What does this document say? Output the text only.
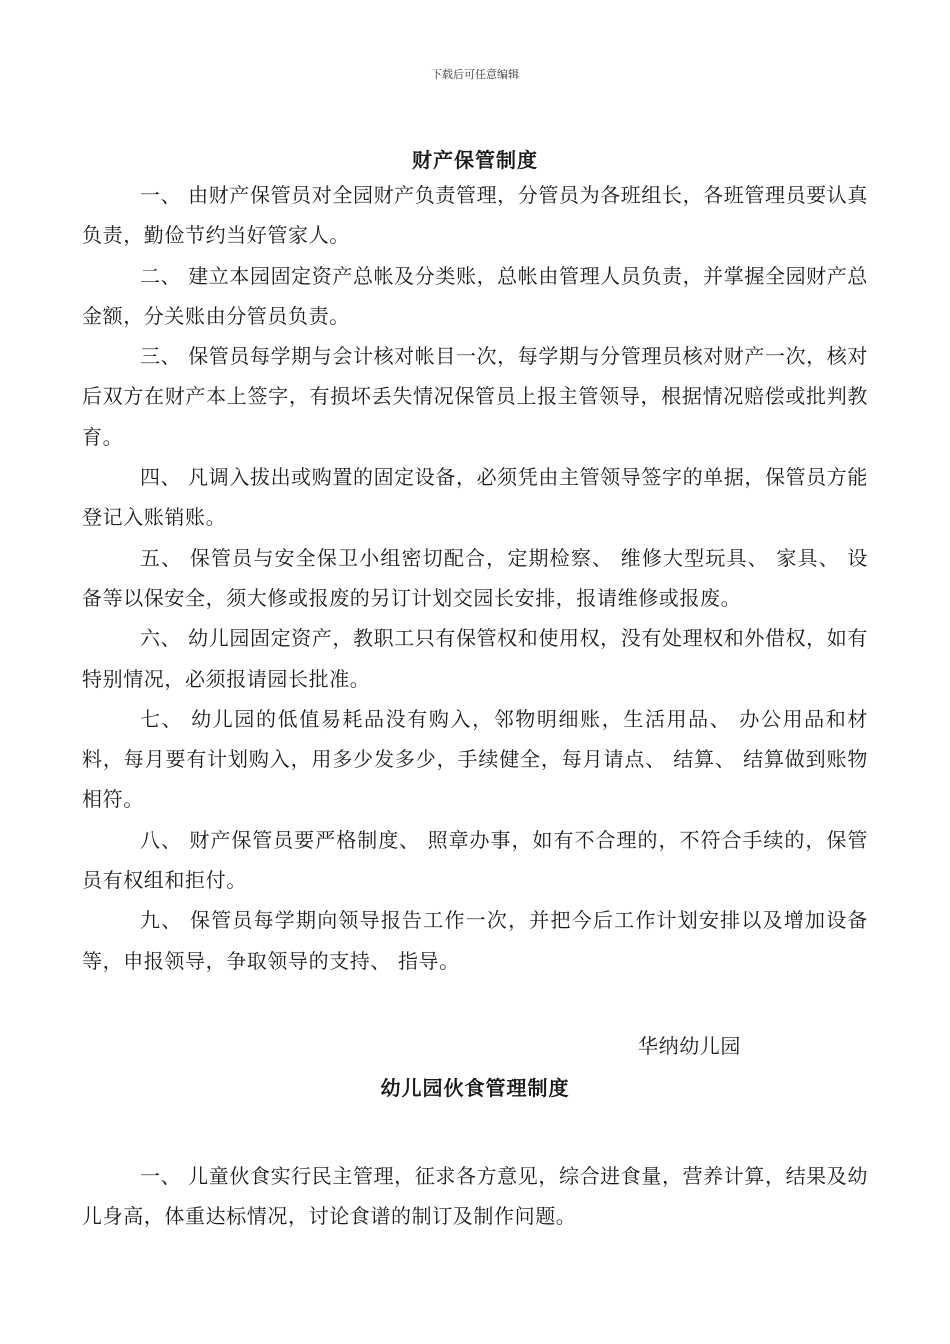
下载后可任意编辑
财产保管制度

一、 由财产保管员对全园财产负责管理，分管员为各班组长，各班管理员要认真负责，勤俭节约当好管家人。

二、 建立本园固定资产总帐及分类账，总帐由管理人员负责，并掌握全园财产总金额，分关账由分管员负责。

三、 保管员每学期与会计核对帐目一次，每学期与分管理员核对财产一次，核对后双方在财产本上签字，有损坏丢失情况保管员上报主管领导，根据情况赔偿或批判教育。

四、 凡调入拔出或购置的固定设备，必须凭由主管领导签字的单据，保管员方能登记入账销账。

五、 保管员与安全保卫小组密切配合，定期检察、 维修大型玩具、 家具、 设备等以保安全，须大修或报废的另订计划交园长安排，报请维修或报废。

六、 幼儿园固定资产，教职工只有保管权和使用权，没有处理权和外借权，如有特别情况，必须报请园长批准。

七、 幼儿园的低值易耗品没有购入，邻物明细账，生活用品、 办公用品和材料，每月要有计划购入，用多少发多少，手续健全，每月请点、 结算、 结算做到账物相符。

八、 财产保管员要严格制度、 照章办事，如有不合理的，不符合手续的，保管员有权组和拒付。

九、 保管员每学期向领导报告工作一次，并把今后工作计划安排以及增加设备等，申报领导，争取领导的支持、 指导。

华纳幼儿园
幼儿园伙食管理制度

一、 儿童伙食实行民主管理，征求各方意见，综合进食量，营养计算，结果及幼儿身高，体重达标情况，讨论食谱的制订及制作问题。
